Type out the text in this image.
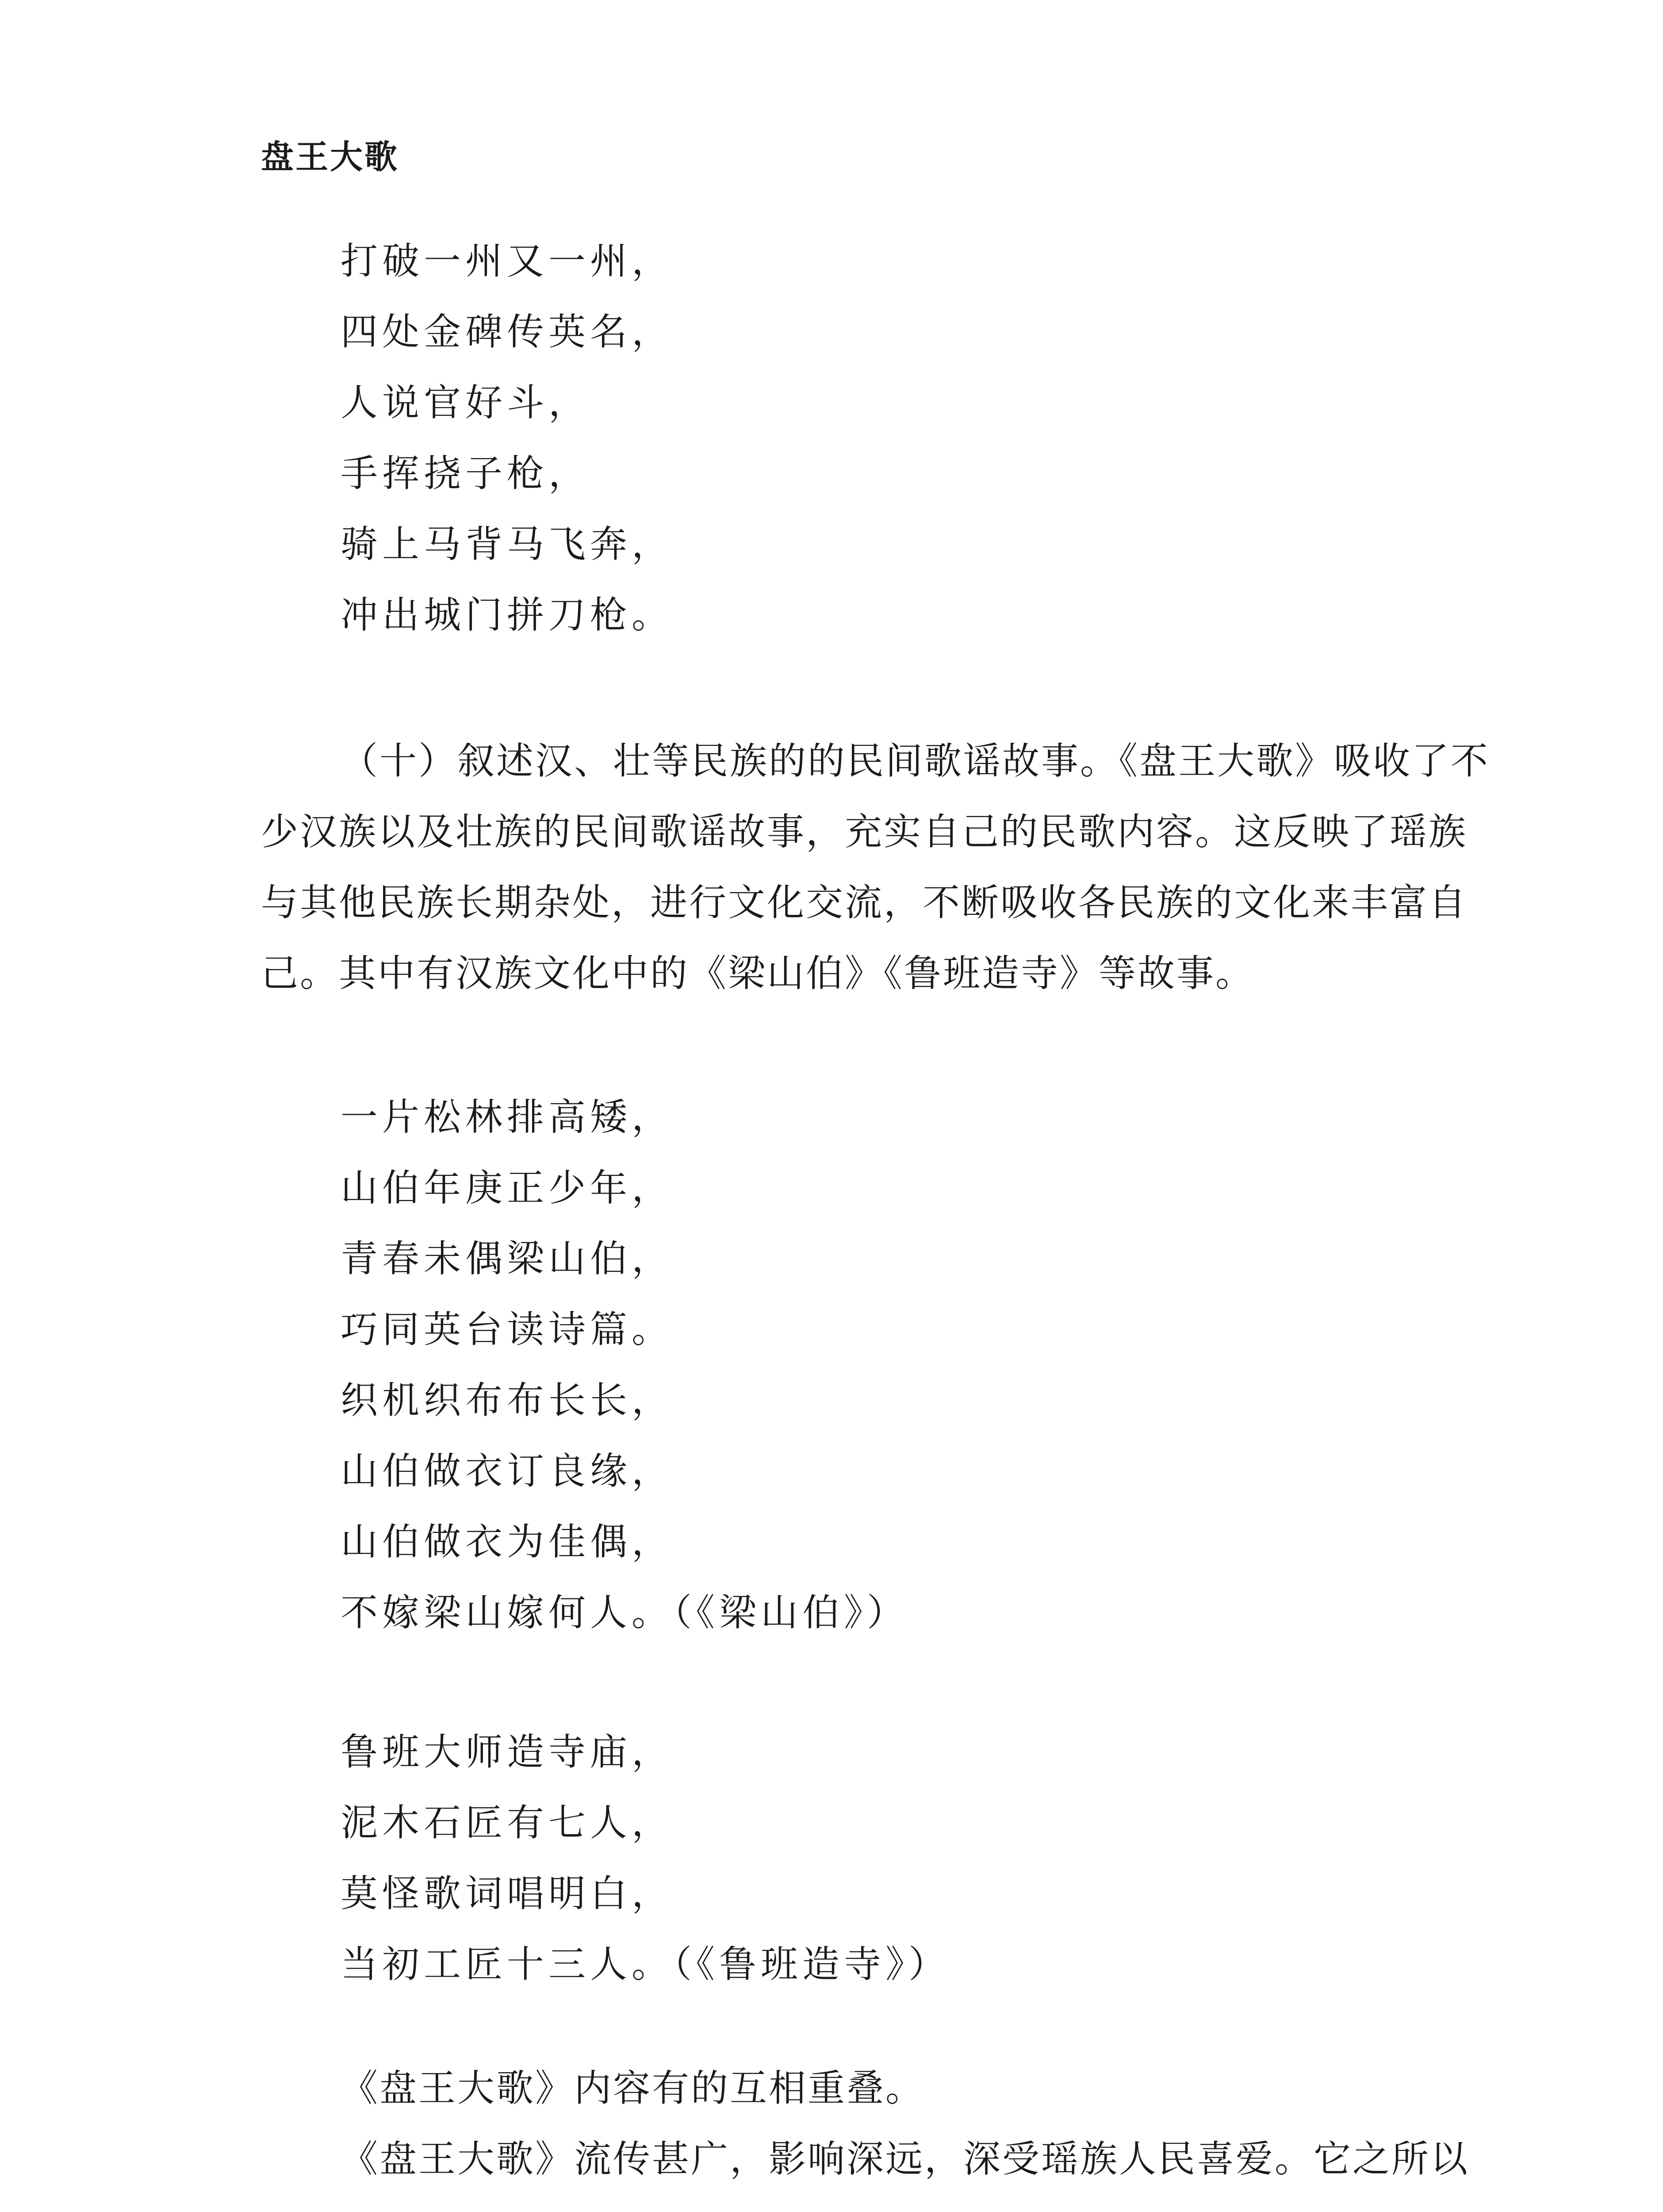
盘王大歌
打破一州又一州，
四处金碑传英名，
人说官好斗，
手挥挠子枪，
骑上马背马飞奔，
冲出城门拼刀枪。
（十）叙述汉、壮等民族的的民间歌谣故事。《盘王大歌》吸收了不
少汉族以及壮族的民间歌谣故事，充实自己的民歌内容。这反映了瑶族
与其他民族长期杂处，进行文化交流，不断吸收各民族的文化来丰富自
己。其中有汉族文化中的《梁山伯》《鲁班造寺》等故事。
一片松林排高矮，
山伯年庚正少年，
青春未偶梁山伯，
巧同英台读诗篇。
织机织布布长长，
山伯做衣订良缘，
山伯做衣为佳偶，
不嫁梁山嫁何人。（《梁山伯》）
鲁班大师造寺庙，
泥木石匠有七人，
莫怪歌词唱明白，
当初工匠十三人。（《鲁班造寺》）
《盘王大歌》内容有的互相重叠。
《盘王大歌》流传甚广，影响深远，深受瑶族人民喜爱。它之所以
